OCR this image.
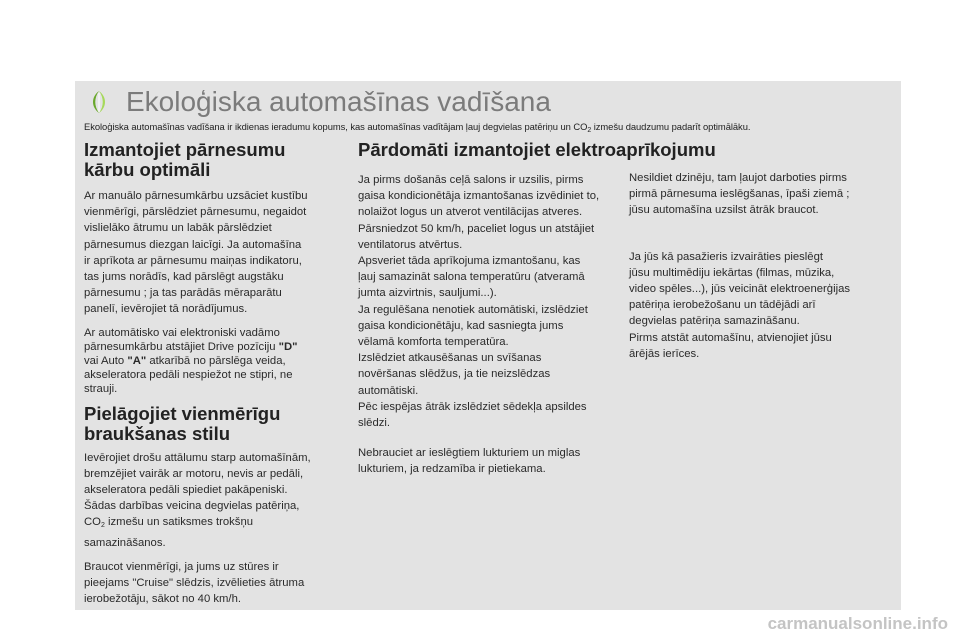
Ekoloģiska automašīnas vadīšana
Ekoloģiska automašīnas vadīšana ir ikdienas ieradumu kopums, kas automašīnas vadītājam ļauj degvielas patēriņu un $CO_2$ izmešu daudzumu padarīt optimālāku.
Izmantojiet pārnesumu
kārbu optimāli

Ar manuālo pārnesumkārbu uzsāciet kustību
vienmērīgi, pārslēdziet pārnesumu, negaidot
vislielāko ātrumu un labāk pārslēdziet
pārnesumus diezgan laicīgi. Ja automašīna
ir aprīkota ar pārnesumu maiņas indikatoru,
tas jums norādīs, kad pārslēgt augstāku
pārnesumu ; ja tas parādās mēraparātu
panelī, ievērojiet tā norādījumus.

Ar automātisko vai elektroniski vadāmo
pārnesumkārbu atstājiet Drive pozīciju "D"
vai Auto "A" atkarībā no pārslēga veida,
akseleratora pedāli nespiežot ne stipri, ne
strauji.

Pielāgojiet vienmērīgu
braukšanas stilu

Ievērojiet drošu attālumu starp automašīnām,
bremzējiet vairāk ar motoru, nevis ar pedāli,
akseleratora pedāli spiediet pakāpeniski.
Šādas darbības veicina degvielas patēriņa,
$CO_2$ izmešu un satiksmes trokšņu
samazināšanos.

Braucot vienmērīgi, ja jums uz stūres ir
pieejams "Cruise" slēdzis, izvēlieties ātruma
ierobežotāju, sākot no 40 km/h.

Pārdomāti izmantojiet elektroaprīkojumu

Ja pirms došanās ceļā salons ir uzsilis, pirms
gaisa kondicionētāja izmantošanas izvēdiniet to,
nolaižot logus un atverot ventilācijas atveres.
Pārsniedzot 50 km/h, paceliet logus un atstājiet
ventilatorus atvērtus.
Apsveriet tāda aprīkojuma izmantošanu, kas
ļauj samazināt salona temperatūru (atveramā
jumta aizvirtnis, sauljumi...).
Ja regulēšana nenotiek automātiski, izslēdziet
gaisa kondicionētāju, kad sasniegta jums
vēlamā komforta temperatūra.
Izslēdziet atkausēšanas un svīšanas
novēršanas slēdžus, ja tie neizslēdzas
automātiski.
Pēc iespējas ātrāk izslēdziet sēdekļa apsildes
slēdzi.

Nebrauciet ar ieslēgtiem lukturiem un miglas
lukturiem, ja redzamība ir pietiekama.

Nesildiet dzinēju, tam ļaujot darboties pirms
pirmā pārnesuma ieslēgšanas, īpaši ziemā ;
jūsu automašīna uzsilst ātrāk braucot.

Ja jūs kā pasažieris izvairāties pieslēgt
jūsu multimēdiju iekārtas (filmas, mūzika,
video spēles...), jūs veicināt elektroenerģijas
patēriņa ierobežošanu un tādējādi arī
degvielas patēriņa samazināšanu.
Pirms atstāt automašīnu, atvienojiet jūsu
ārējās ierīces.

carmanualsonline.info
